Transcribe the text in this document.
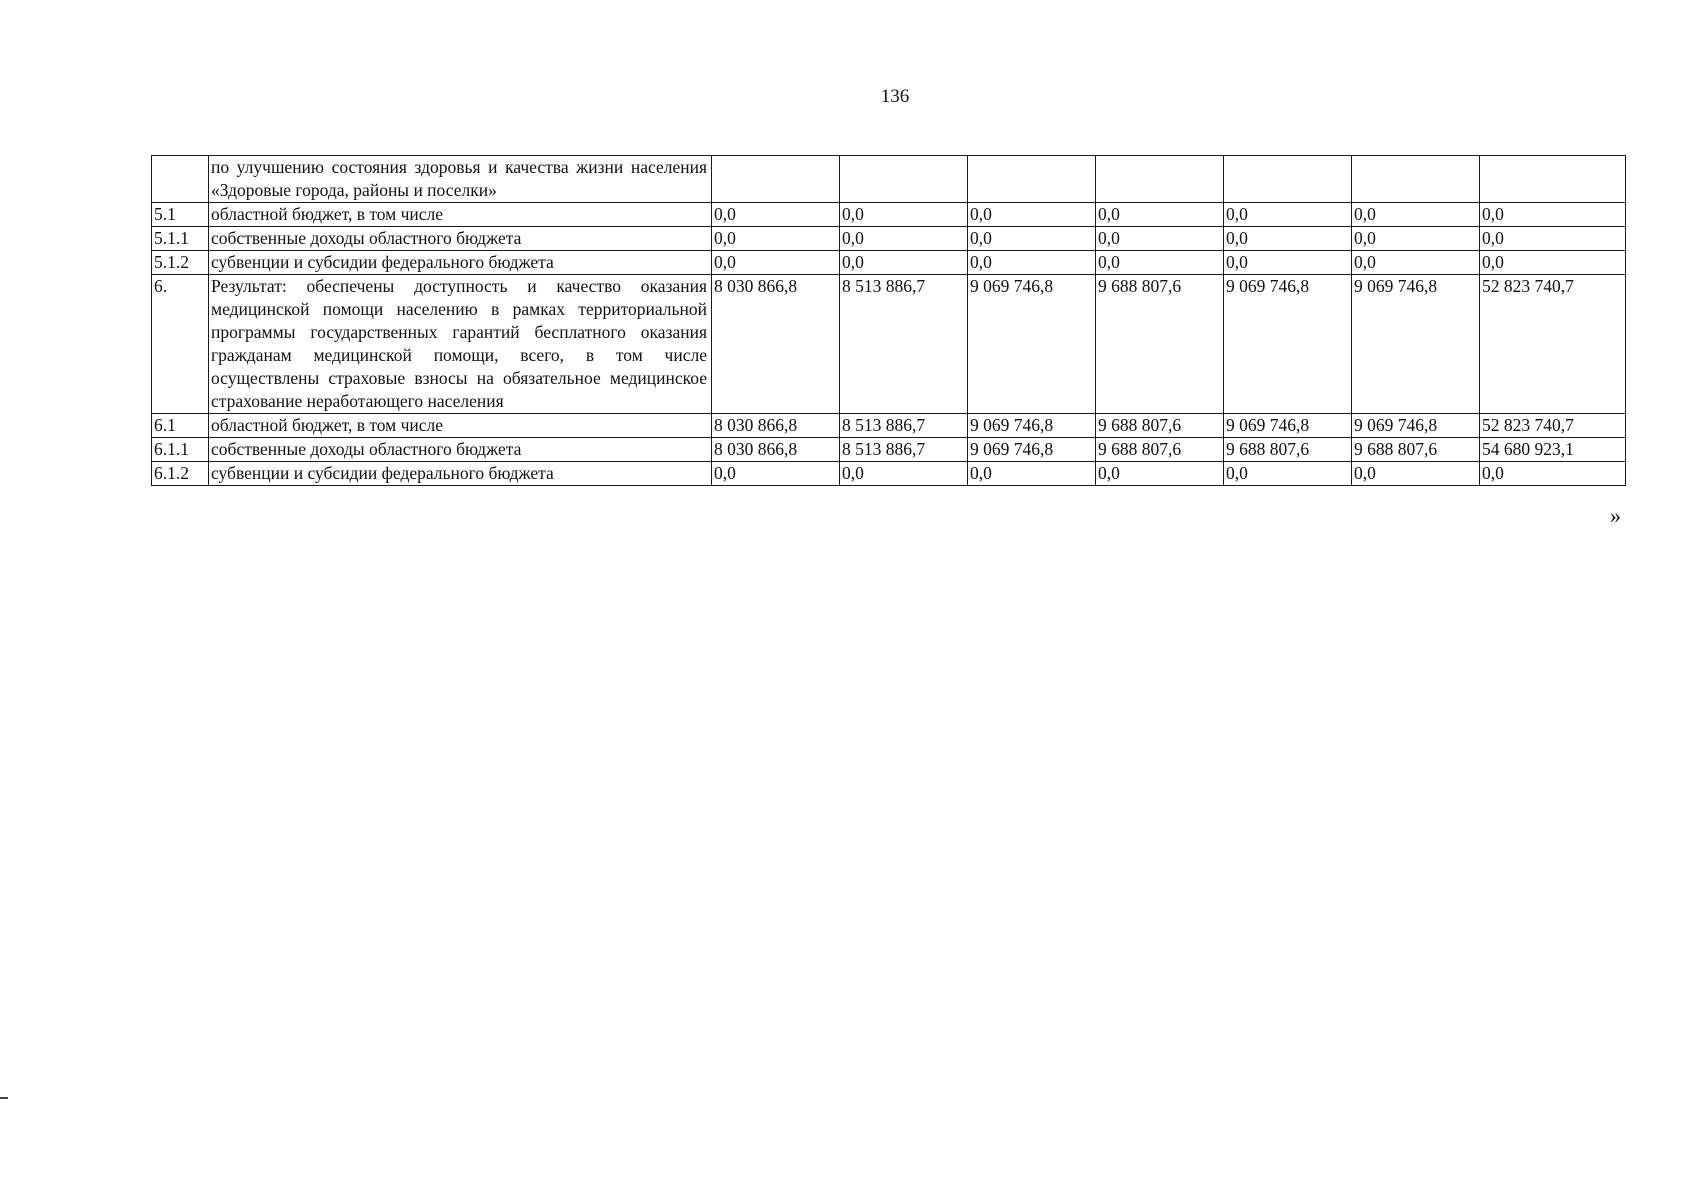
136
	по улучшению состояния здоровья и качества жизни населения «Здоровые города, районы и поселки»							
5.1	областной бюджет, в том числе	0,0	0,0	0,0	0,0	0,0	0,0	0,0
5.1.1	собственные доходы областного бюджета	0,0	0,0	0,0	0,0	0,0	0,0	0,0
5.1.2	субвенции и субсидии федерального бюджета	0,0	0,0	0,0	0,0	0,0	0,0	0,0
6.	Результат: обеспечены доступность и качество оказания медицинской помощи населению в рамках территориальной программы государственных гарантий бесплатного оказания гражданам медицинской помощи, всего, в том числе осуществлены страховые взносы на обязательное медицинское страхование неработающего населения	8 030 866,8	8 513 886,7	9 069 746,8	9 688 807,6	9 069 746,8	9 069 746,8	52 823 740,7
6.1	областной бюджет, в том числе	8 030 866,8	8 513 886,7	9 069 746,8	9 688 807,6	9 069 746,8	9 069 746,8	52 823 740,7
6.1.1	собственные доходы областного бюджета	8 030 866,8	8 513 886,7	9 069 746,8	9 688 807,6	9 688 807,6	9 688 807,6	54 680 923,1
6.1.2	субвенции и субсидии федерального бюджета	0,0	0,0	0,0	0,0	0,0	0,0	0,0
»
